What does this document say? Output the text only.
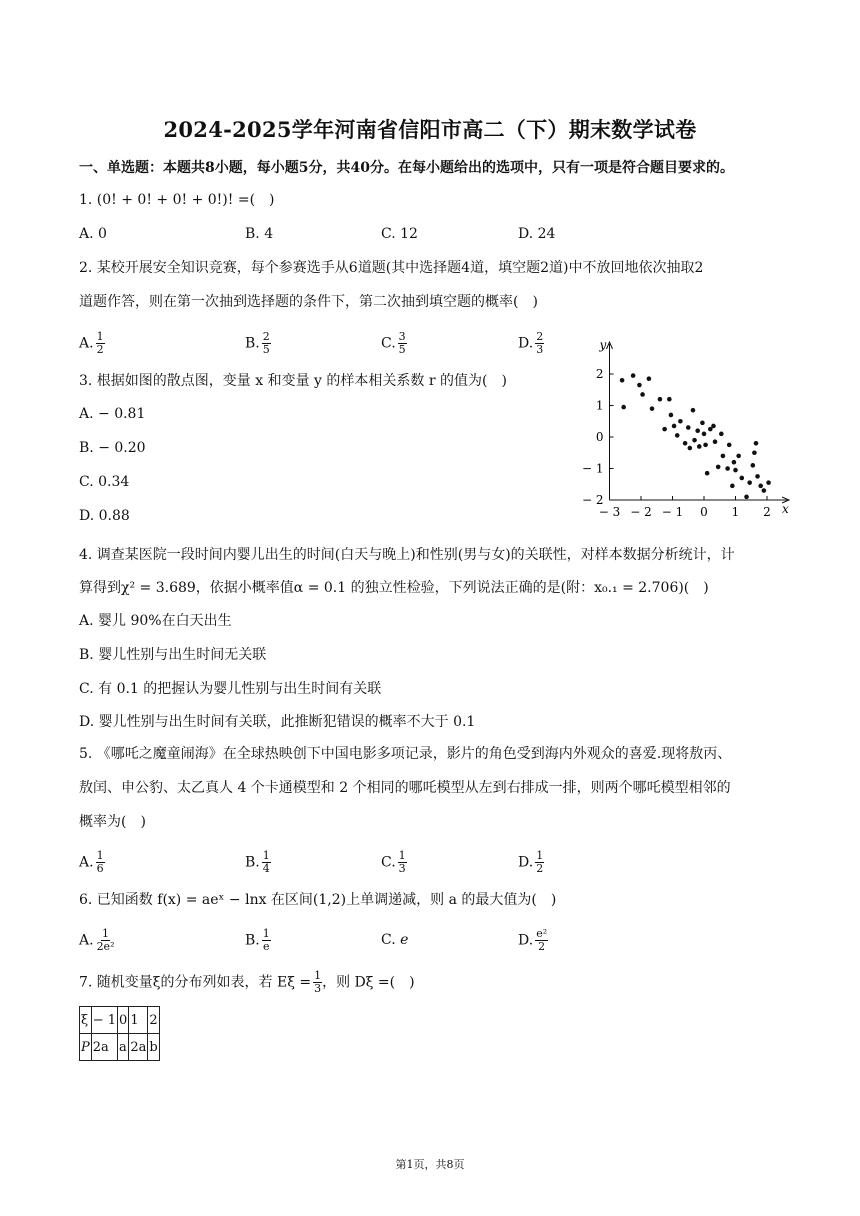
2024-2025学年河南省信阳市高二（下）期末数学试卷
一、单选题：本题共8小题，每小题5分，共40分。在每小题给出的选项中，只有一项是符合题目要求的。
1. (0! + 0! + 0! + 0!)! =(　)
A. 0	B. 4	C. 12	D. 24
2. 某校开展安全知识竞赛，每个参赛选手从6道题(其中选择题4道，填空题2道)中不放回地依次抽取2
道题作答，则在第一次抽到选择题的条件下，第二次抽到填空题的概率(　)
A. $\frac{1}{2}$	B. $\frac{2}{5}$	C. $\frac{3}{5}$	D. $\frac{2}{3}$
3. 根据如图的散点图，变量 x 和变量 y 的样本相关系数 r 的值为(　)
A. − 0.81
B. − 0.20
C. 0.34
D. 0.88
y
x
− 2
− 1
0
1
2
− 3 − 2 − 1 0 1 2
4. 调查某医院一段时间内婴儿出生的时间(白天与晚上)和性别(男与女)的关联性，对样本数据分析统计，计
算得到χ² = 3.689，依据小概率值α = 0.1 的独立性检验，下列说法正确的是(附：x₀.₁ = 2.706)(　)
A. 婴儿 90%在白天出生
B. 婴儿性别与出生时间无关联
C. 有 0.1 的把握认为婴儿性别与出生时间有关联
D. 婴儿性别与出生时间有关联，此推断犯错误的概率不大于 0.1
5. 《哪吒之魔童闹海》在全球热映创下中国电影多项记录，影片的角色受到海内外观众的喜爱.现将敖丙、
敖闰、申公豹、太乙真人 4 个卡通模型和 2 个相同的哪吒模型从左到右排成一排，则两个哪吒模型相邻的
概率为(　)
A. $\frac{1}{6}$	B. $\frac{1}{4}$	C. $\frac{1}{3}$	D. $\frac{1}{2}$
6. 已知函数 f(x) = aeˣ − lnx 在区间(1,2)上单调递减，则 a 的最大值为(　)
A. $\frac{1}{\text{2e²}}$	B. $\frac{1}{e}$	C. e	D. $\frac{\text{e²}}{2}$
7. 随机变量ξ的分布列如表，若 $E\xi = \frac{1}{3}$ ，则 Dξ =(　)
ξ	− 1	0	1	2
P	2a	a	2a	b
第1页，共8页
